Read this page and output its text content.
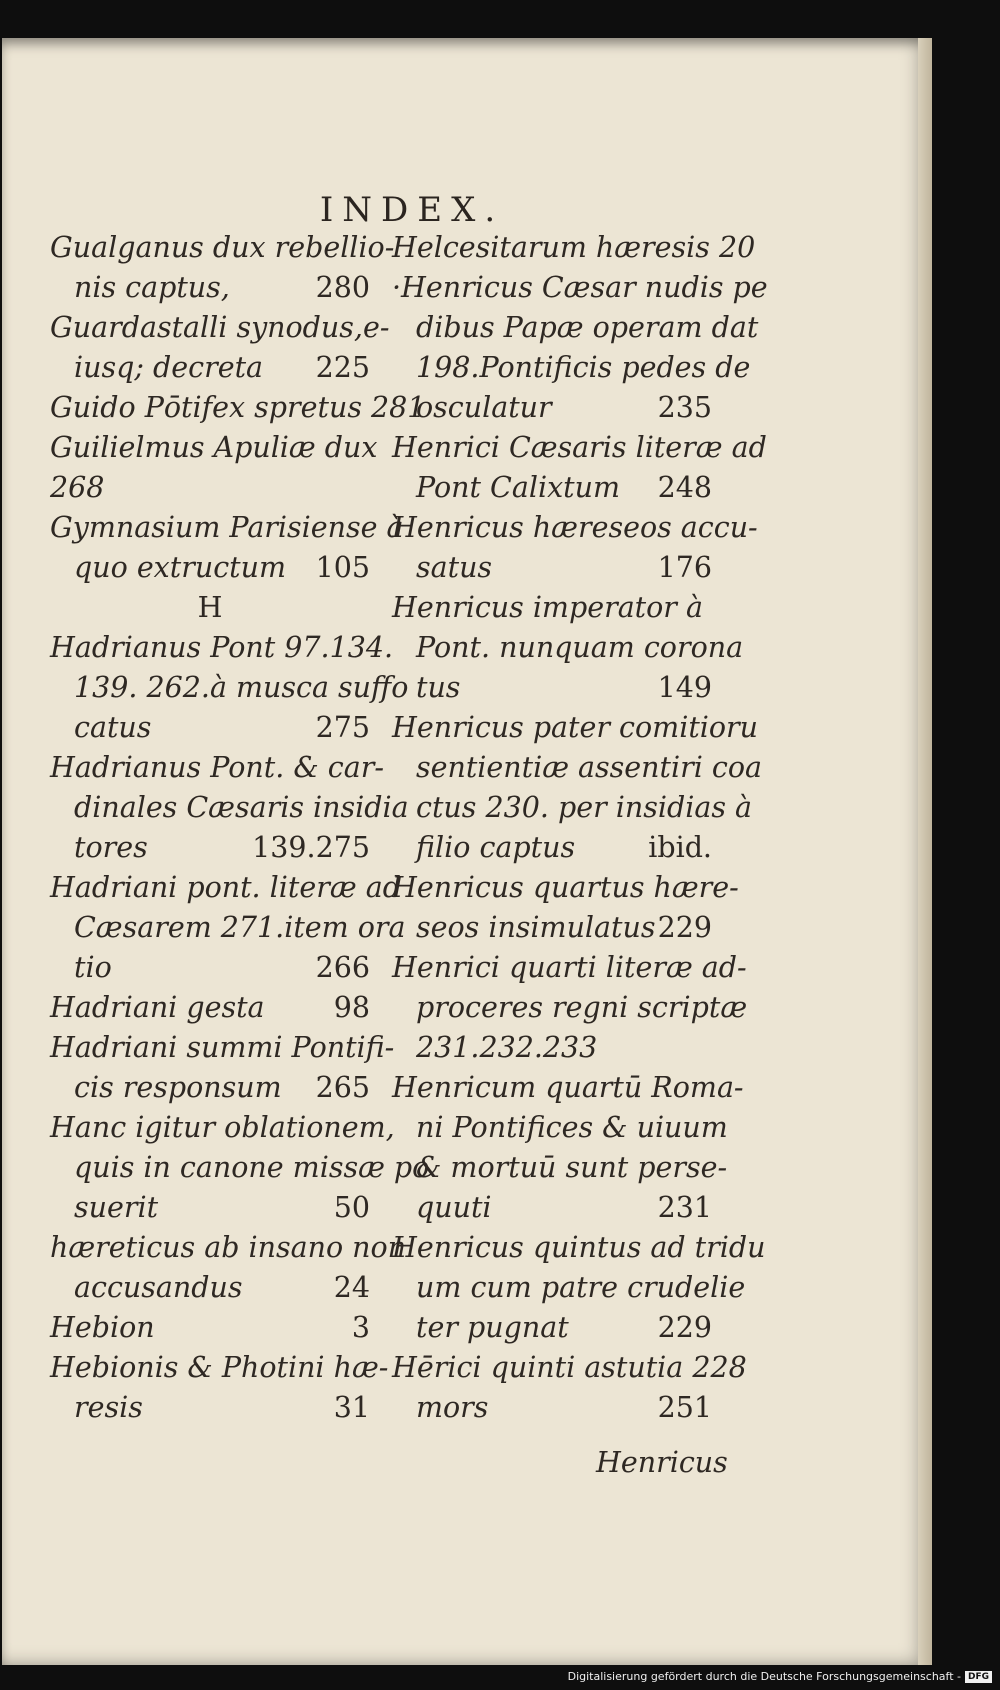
INDEX.
Gualganus dux rebellio-
nis captus,	280
Guardastalli synodus,e-
iusq; decreta 225
Guido Pōtifex spretus 281
Guilielmus Apuliæ dux
268
Gymnasium Parisiense à
quo extructum 105
H
Hadrianus Pont 97.134.
139. 262.à musca suffo
catus	275
Hadrianus Pont. & car-
dinales Cæsaris insidia
tores	139.275
Hadriani pont. literæ ad
Cæsarem 271.item ora
tio	266
Hadriani gesta 98
Hadriani summi Pontifi-
cis responsum 265
Hanc igitur oblationem,
quis in canone missæ po
suerit	50
hæreticus ab insano non
accusandus	24
Hebion	3
Hebionis & Photini hæ-
resis	31
Helcesitarum hæresis 20
·Henricus Cæsar nudis pe
dibus Papæ operam dat
198.Pontificis pedes de
osculatur	235
Henrici Cæsaris literæ ad
Pont Calixtum 248
Henricus hæreseos accu-
satus	176
Henricus imperator à
Pont. nunquam corona
tus	149
Henricus pater comitioru
sentientiæ assentiri coa
ctus 230. per insidias à
filio captus	ibid.
Henricus quartus hære-
seos insimulatus 229
Henrici quarti literæ ad-
proceres regni scriptæ
231.232.233
Henricum quartū Roma-
ni Pontifices & uiuum
& mortuū sunt perse-
quuti	231
Henricus quintus ad tridu
um cum patre crudelie
ter pugnat	229
Hērici quinti astutia 228
mors	251
Henricus
Digitalisierung gefördert durch die Deutsche Forschungsgemeinschaft - DFG
